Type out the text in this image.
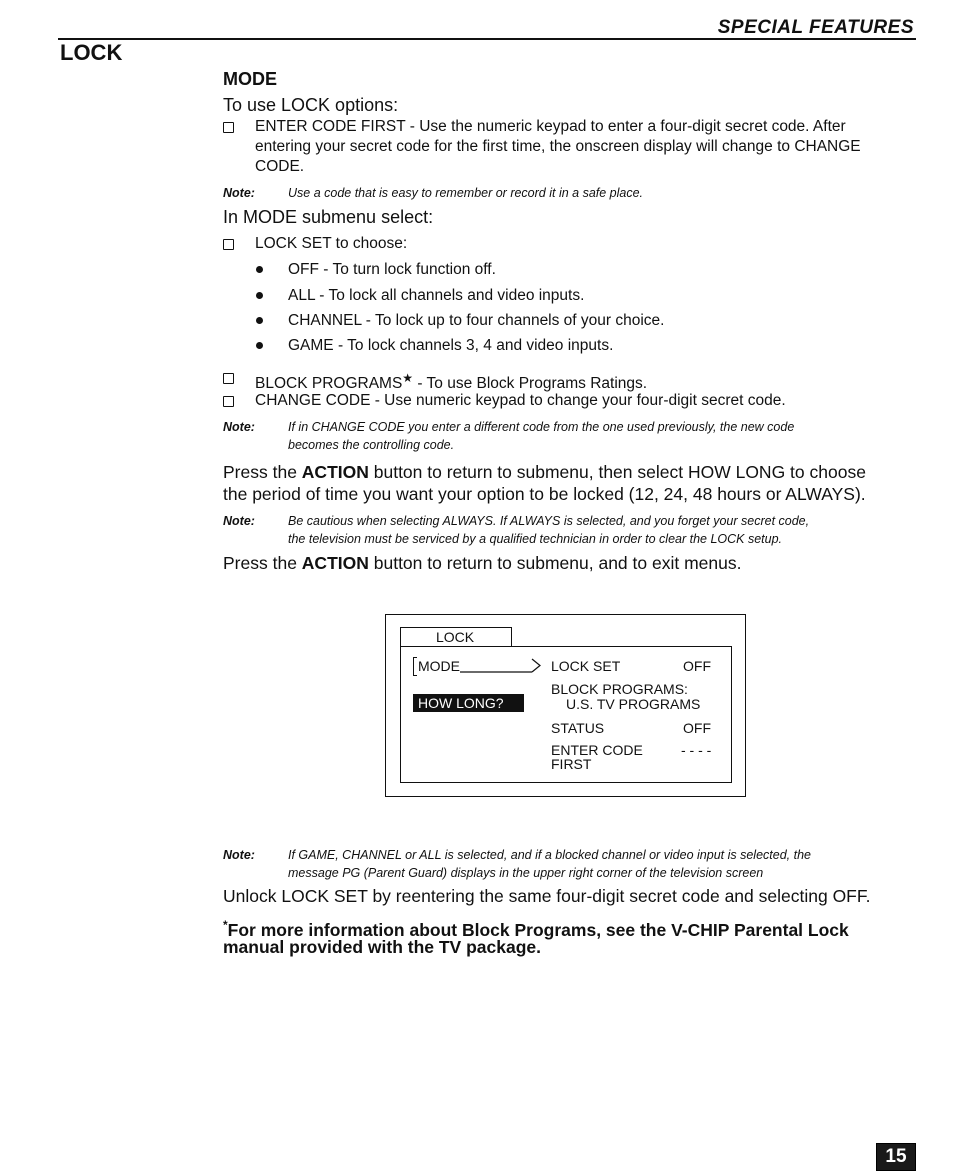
SPECIAL FEATURES
LOCK
MODE
To use LOCK options:
ENTER CODE FIRST - Use the numeric keypad to enter a four-digit secret code. After
entering your secret code for the first time, the onscreen display will change to CHANGE
CODE.
Note:	Use a code that is easy to remember or record it in a safe place.
In MODE submenu select:
LOCK SET to choose:
OFF - To turn lock function off.
ALL - To lock all channels and video inputs.
CHANNEL - To lock up to four channels of your choice.
GAME - To lock channels 3, 4 and video inputs.
BLOCK PROGRAMS★ - To use Block Programs Ratings.
CHANGE CODE - Use numeric keypad to change your four-digit secret code.
Note:	If in CHANGE CODE you enter a different code from the one used previously, the new code
becomes the controlling code.
Press the ACTION button to return to submenu, then select HOW LONG to choose
the period of time you want your option to be locked (12, 24, 48 hours or ALWAYS).
Note:	Be cautious when selecting ALWAYS. If ALWAYS is selected, and you forget your secret code,
the television must be serviced by a qualified technician in order to clear the LOCK setup.
Press the ACTION button to return to submenu, and to exit menus.
LOCK
MODE
HOW LONG?
LOCK SET	OFF
BLOCK PROGRAMS:
U.S. TV PROGRAMS
STATUS	OFF
ENTER CODE
FIRST
- - - -
Note:	If GAME, CHANNEL or ALL is selected, and if a blocked channel or video input is selected, the
message PG (Parent Guard) displays in the upper right corner of the television screen
Unlock LOCK SET by reentering the same four-digit secret code and selecting OFF.
*For more information about Block Programs, see the V-CHIP Parental Lock
manual provided with the TV package.
15
